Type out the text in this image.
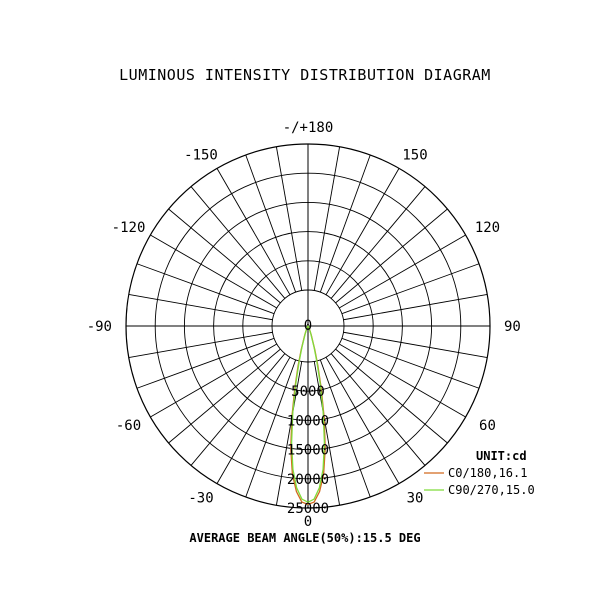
LUMINOUS INTENSITY DISTRIBUTION DIAGRAM
-/+180
150
-150
120
-120
90
-90
60
-60
30
-30
0
0
5000
10000
15000
20000
25000
UNIT:cd
C0/180,16.1
C90/270,15.0
AVERAGE BEAM ANGLE(50%):15.5 DEG
